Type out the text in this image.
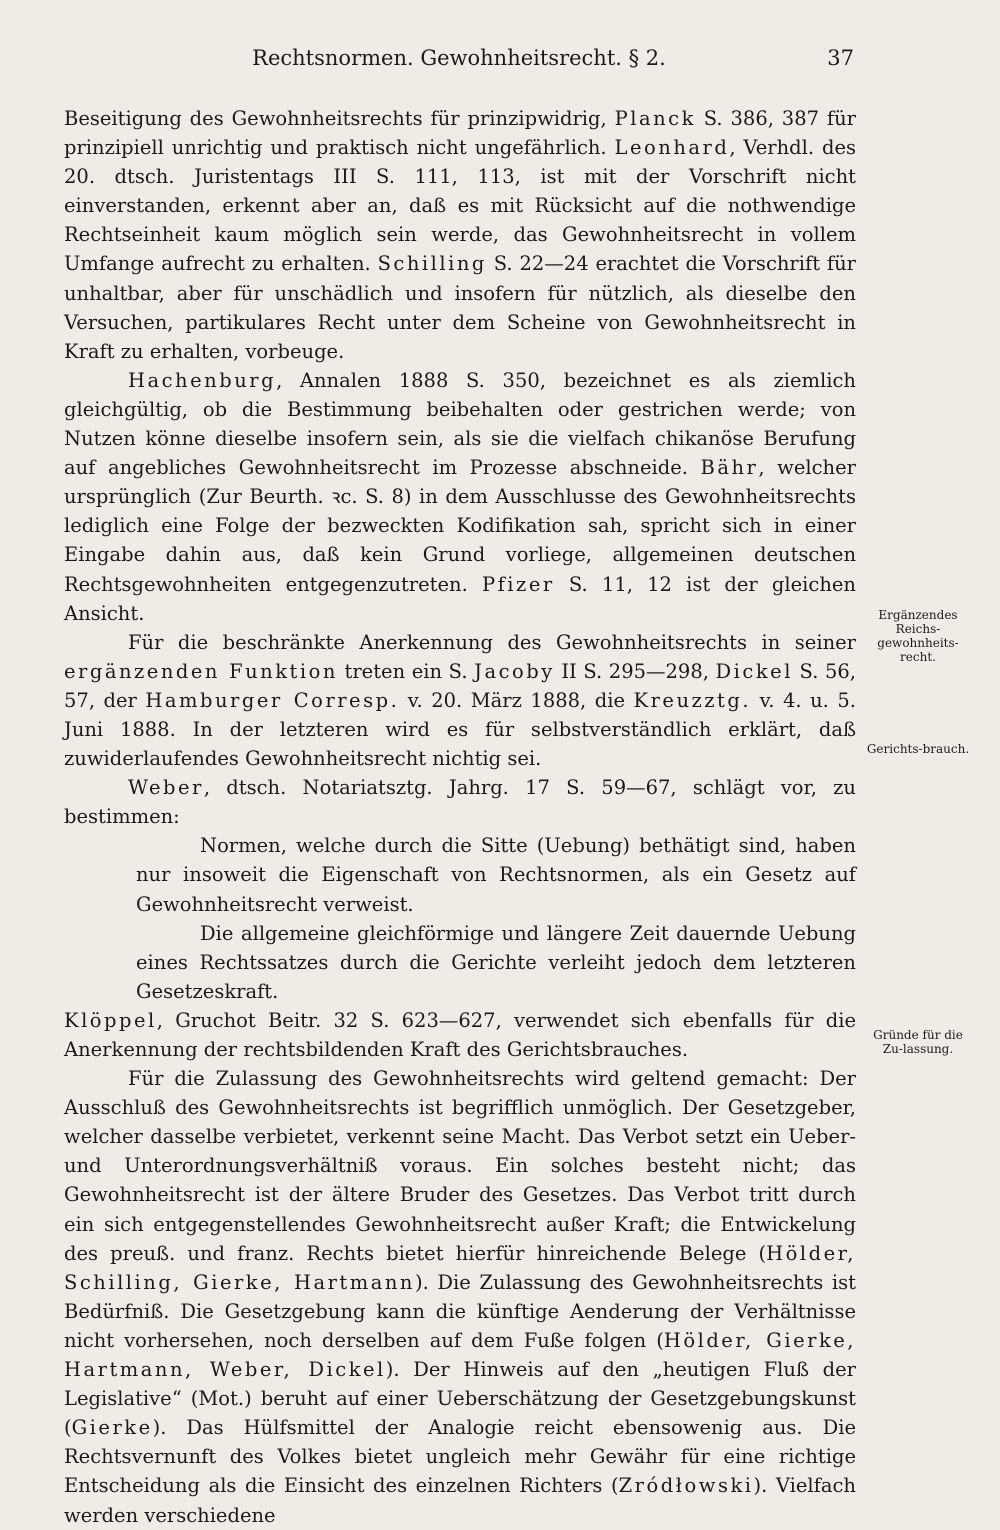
Rechtsnormen. Gewohnheitsrecht. § 2.	37

Beseitigung des Gewohnheitsrechts für prinzipwidrig, Planck S. 386, 387 für prinzipiell unrichtig und praktisch nicht ungefährlich. Leonhard, Verhdl. des 20. dtsch. Juristentags III S. 111, 113, ist mit der Vorschrift nicht einverstanden, erkennt aber an, daß es mit Rücksicht auf die nothwendige Rechtseinheit kaum möglich sein werde, das Gewohnheitsrecht in vollem Umfange aufrecht zu erhalten. Schilling S. 22—24 erachtet die Vorschrift für unhaltbar, aber für unschädlich und insofern für nützlich, als dieselbe den Versuchen, partikulares Recht unter dem Scheine von Gewohnheitsrecht in Kraft zu erhalten, vorbeuge.

Hachenburg, Annalen 1888 S. 350, bezeichnet es als ziemlich gleichgültig, ob die Bestimmung beibehalten oder gestrichen werde; von Nutzen könne dieselbe insofern sein, als sie die vielfach chikanöse Berufung auf angebliches Gewohnheitsrecht im Prozesse abschneide. Bähr, welcher ursprünglich (Zur Beurth. ꝛc. S. 8) in dem Ausschlusse des Gewohnheitsrechts lediglich eine Folge der bezweckten Kodifikation sah, spricht sich in einer Eingabe dahin aus, daß kein Grund vorliege, allgemeinen deutschen Rechtsgewohnheiten entgegenzutreten. Pfizer S. 11, 12 ist der gleichen Ansicht.

Für die beschränkte Anerkennung des Gewohnheitsrechts in seiner ergänzenden Funktion treten ein S. Jacoby II S. 295—298, Dickel S. 56, 57, der Hamburger Corresp. v. 20. März 1888, die Kreuzztg. v. 4. u. 5. Juni 1888. In der letzteren wird es für selbstverständlich erklärt, daß zuwiderlaufendes Gewohnheitsrecht nichtig sei.

Weber, dtsch. Notariatsztg. Jahrg. 17 S. 59—67, schlägt vor, zu bestimmen:

Normen, welche durch die Sitte (Uebung) bethätigt sind, haben nur insoweit die Eigenschaft von Rechtsnormen, als ein Gesetz auf Gewohnheitsrecht verweist.

Die allgemeine gleichförmige und längere Zeit dauernde Uebung eines Rechtssatzes durch die Gerichte verleiht jedoch dem letzteren Gesetzeskraft.

Klöppel, Gruchot Beitr. 32 S. 623—627, verwendet sich ebenfalls für die Anerkennung der rechtsbildenden Kraft des Gerichtsbrauches.

Für die Zulassung des Gewohnheitsrechts wird geltend gemacht: Der Ausschluß des Gewohnheitsrechts ist begrifflich unmöglich. Der Gesetzgeber, welcher dasselbe verbietet, verkennt seine Macht. Das Verbot setzt ein Ueber- und Unterordnungsverhältniß voraus. Ein solches besteht nicht; das Gewohnheitsrecht ist der ältere Bruder des Gesetzes. Das Verbot tritt durch ein sich entgegenstellendes Gewohnheitsrecht außer Kraft; die Entwickelung des preuß. und franz. Rechts bietet hierfür hinreichende Belege (Hölder, Schilling, Gierke, Hartmann). Die Zulassung des Gewohnheitsrechts ist Bedürfniß. Die Gesetzgebung kann die künftige Aenderung der Verhältnisse nicht vorhersehen, noch derselben auf dem Fuße folgen (Hölder, Gierke, Hartmann, Weber, Dickel). Der Hinweis auf den „heutigen Fluß der Legislative“ (Mot.) beruht auf einer Ueberschätzung der Gesetzgebungskunst (Gierke). Das Hülfsmittel der Analogie reicht ebensowenig aus. Die Rechtsvernunft des Volkes bietet ungleich mehr Gewähr für eine richtige Entscheidung als die Einsicht des einzelnen Richters (Zródłowski). Vielfach werden verschiedene

Ergänzendes Reichs-gewohnheits-recht.
Gerichts-brauch.
Gründe für die Zu-lassung.
